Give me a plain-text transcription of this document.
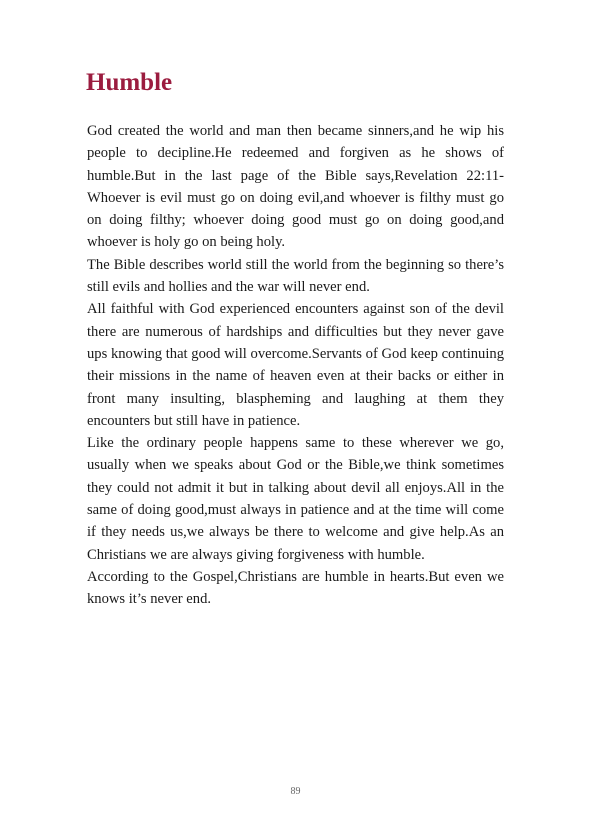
Humble

God created the world and man then became sinners,and he wip his people to decipline.He redeemed and forgiven as he shows of humble.But in the last page of the Bible says,Revelation 22:11-Whoever is evil must go on doing evil,and whoever is filthy must go on doing filthy; whoever doing good must go on doing good,and whoever is holy go on being holy.

The Bible describes world still the world from the beginning so there’s still evils and hollies and the war will never end.

All faithful with God experienced encounters against son of the devil there are numerous of hardships and difficulties but they never gave ups knowing that good will overcome.Servants of God keep continuing their missions in the name of heaven even at their backs or either in front many insulting, blaspheming and laughing at them they encounters but still have in patience.

Like the ordinary people happens same to these wherever we go, usually when we speaks about God or the Bible,we think sometimes they could not admit it but in talking about devil all enjoys.All in the same of doing good,must always in patience and at the time will come if they needs us,we always be there to welcome and give help.As an Christians we are always giving forgiveness with humble.

According to the Gospel,Christians are humble in hearts.But even we knows it’s never end.

89
